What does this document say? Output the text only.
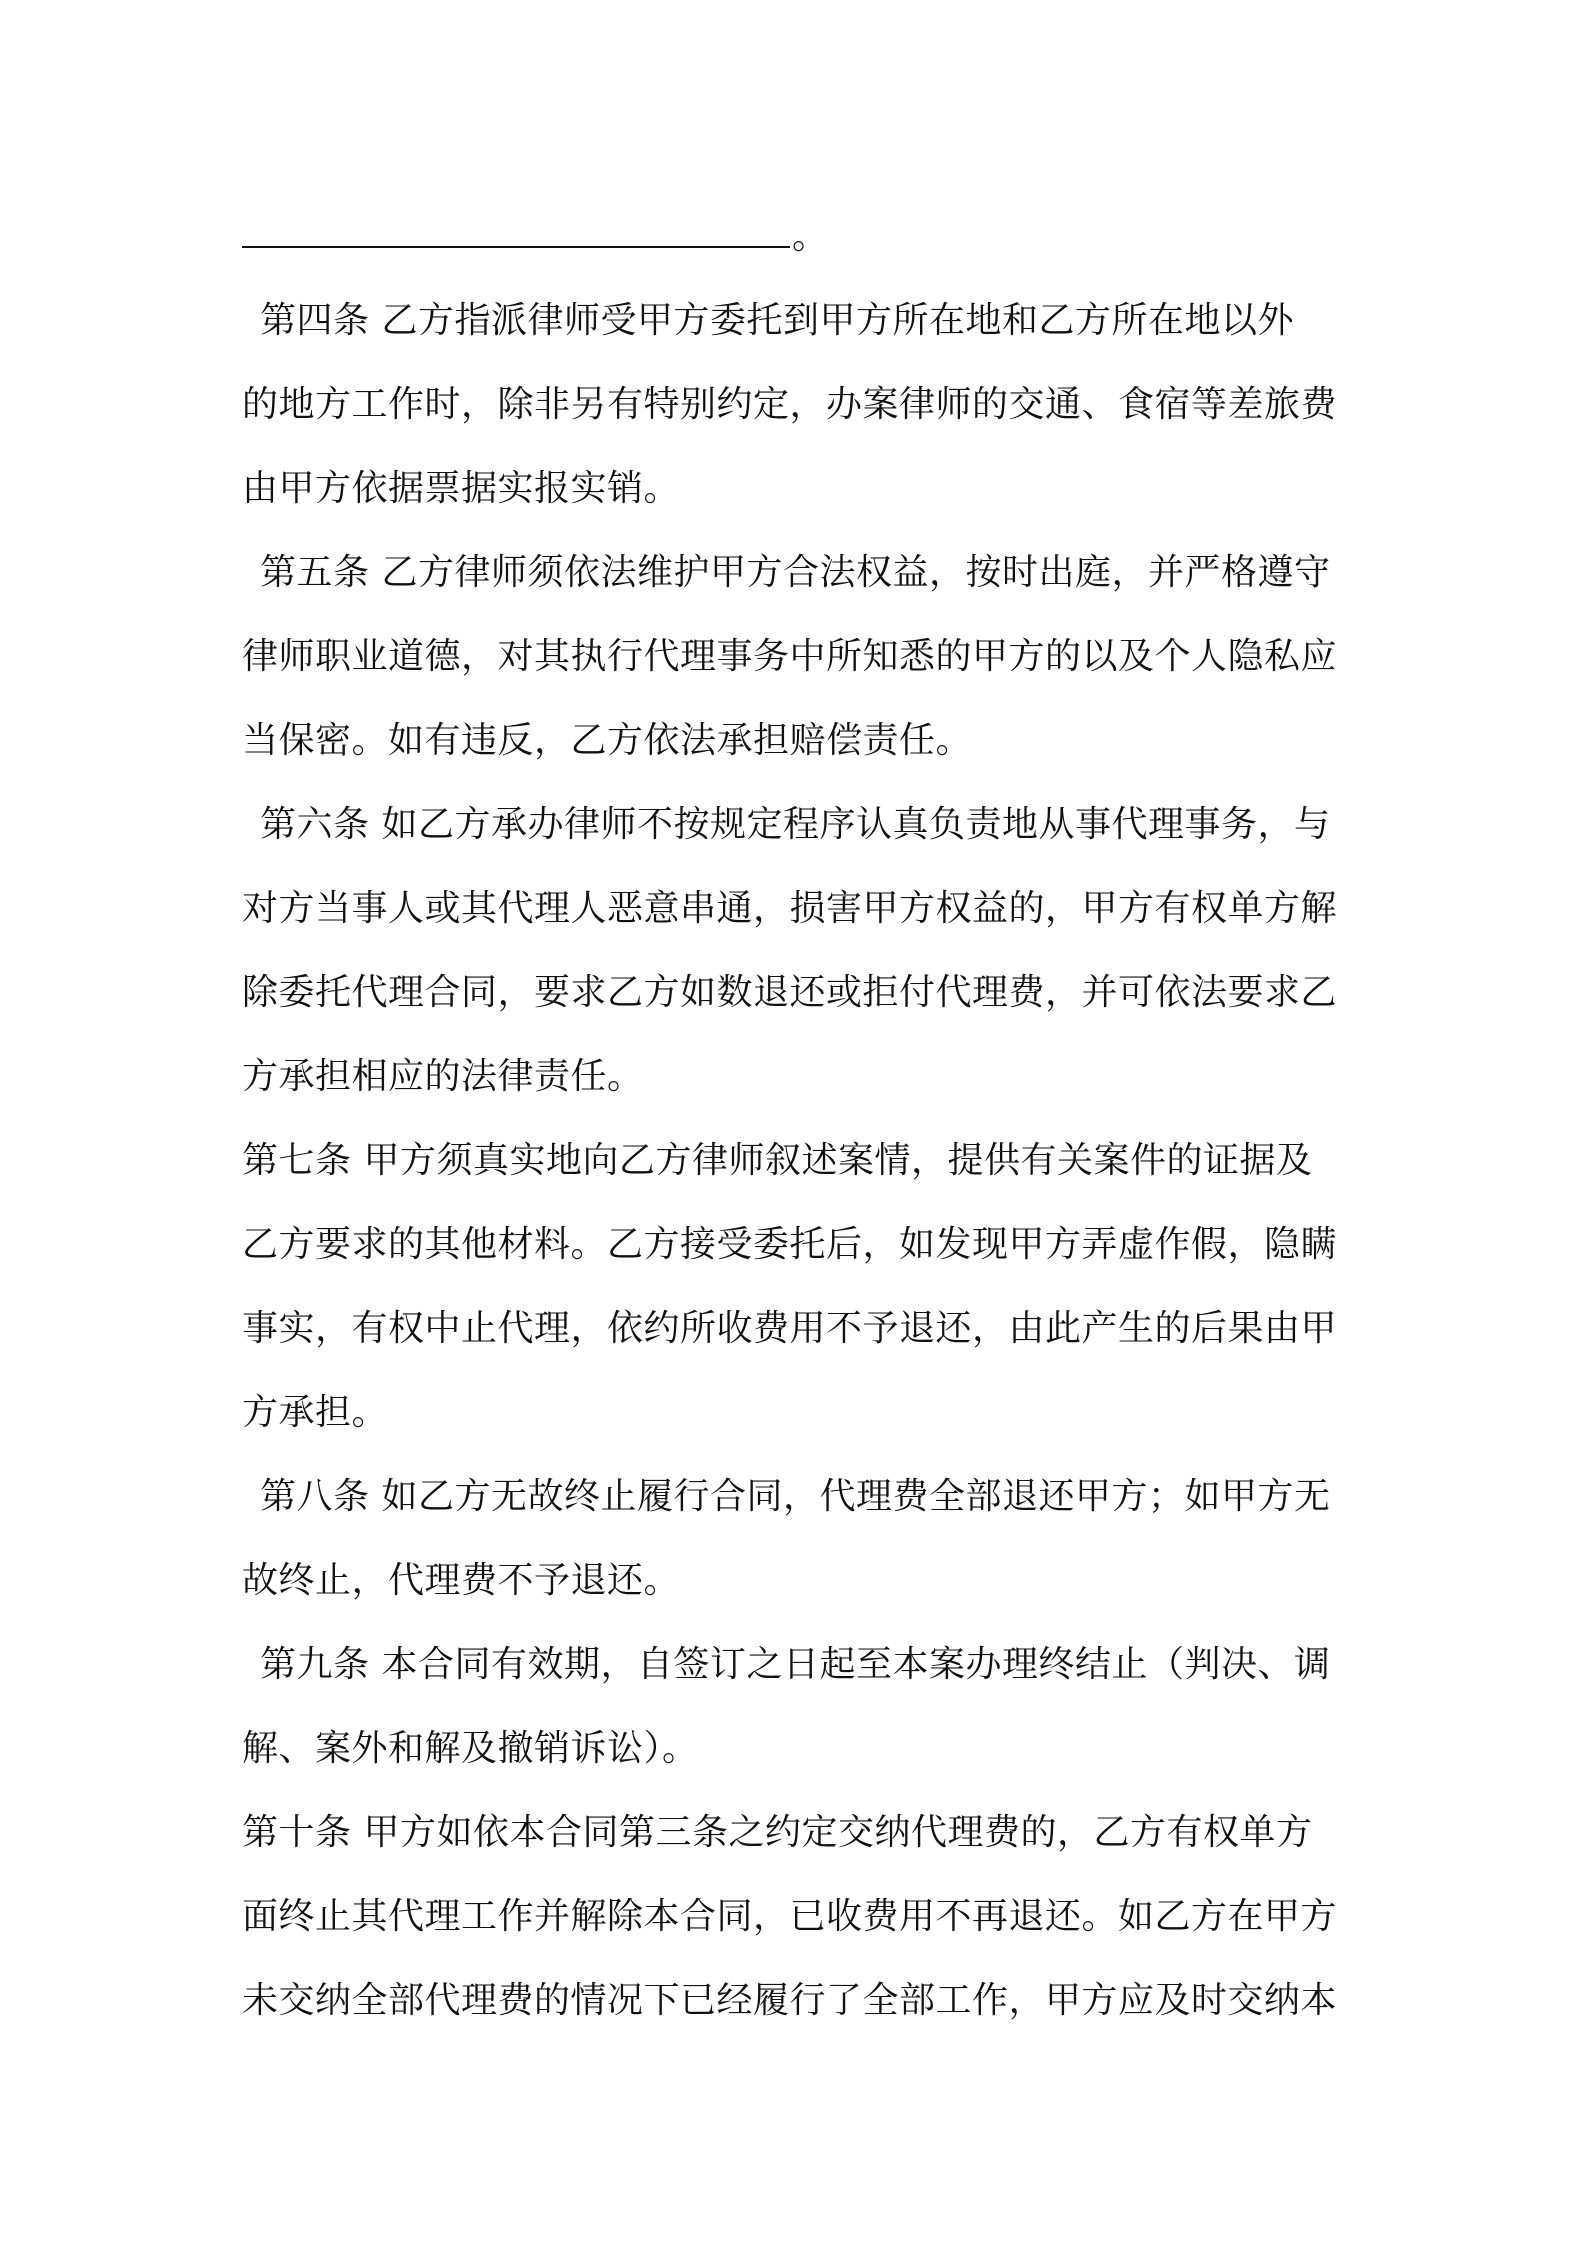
。
第四条 乙方指派律师受甲方委托到甲方所在地和乙方所在地以外
的地方工作时，除非另有特别约定，办案律师的交通、食宿等差旅费
由甲方依据票据实报实销。
第五条 乙方律师须依法维护甲方合法权益，按时出庭，并严格遵守
律师职业道德，对其执行代理事务中所知悉的甲方的以及个人隐私应
当保密。如有违反，乙方依法承担赔偿责任。
第六条 如乙方承办律师不按规定程序认真负责地从事代理事务，与
对方当事人或其代理人恶意串通，损害甲方权益的，甲方有权单方解
除委托代理合同，要求乙方如数退还或拒付代理费，并可依法要求乙
方承担相应的法律责任。
第七条 甲方须真实地向乙方律师叙述案情，提供有关案件的证据及
乙方要求的其他材料。乙方接受委托后，如发现甲方弄虚作假，隐瞒
事实，有权中止代理，依约所收费用不予退还，由此产生的后果由甲
方承担。
第八条 如乙方无故终止履行合同，代理费全部退还甲方；如甲方无
故终止，代理费不予退还。
第九条 本合同有效期，自签订之日起至本案办理终结止（判决、调
解、案外和解及撤销诉讼）。
第十条 甲方如依本合同第三条之约定交纳代理费的，乙方有权单方
面终止其代理工作并解除本合同，已收费用不再退还。如乙方在甲方
未交纳全部代理费的情况下已经履行了全部工作，甲方应及时交纳本
